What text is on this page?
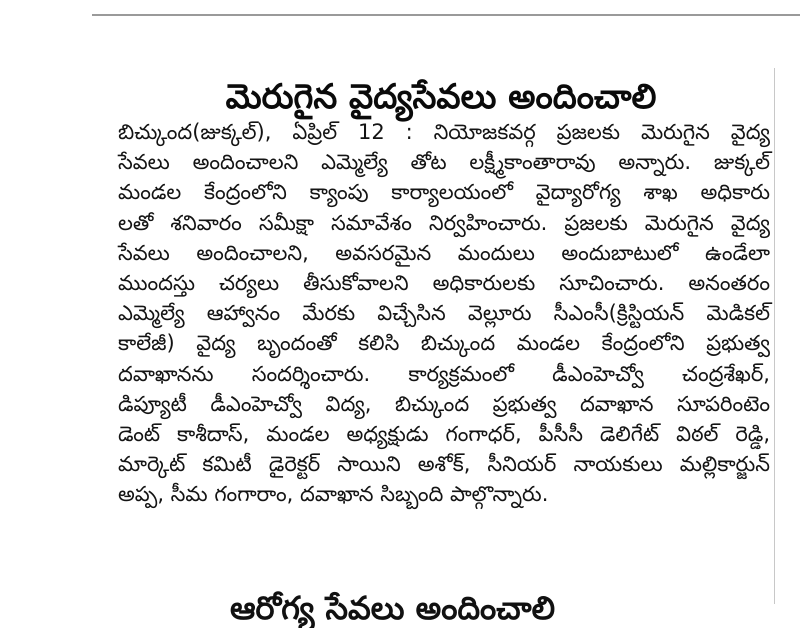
మెరుగైన వైద్యసేవలు అందించాలి
బిచ్కుంద(జుక్కల్), ఏప్రిల్ 12 : నియోజకవర్గ ప్రజలకు మెరుగైన వైద్య
సేవలు అందించాలని ఎమ్మెల్యే తోట లక్ష్మీకాంతారావు అన్నారు. జుక్కల్
మండల కేంద్రంలోని క్యాంపు కార్యాలయంలో వైద్యారోగ్య శాఖ అధికారు
లతో శనివారం సమీక్షా సమావేశం నిర్వహించారు. ప్రజలకు మెరుగైన వైద్య
సేవలు అందించాలని, అవసరమైన మందులు అందుబాటులో ఉండేలా
ముందస్తు చర్యలు తీసుకోవాలని అధికారులకు సూచించారు. అనంతరం
ఎమ్మెల్యే ఆహ్వానం మేరకు విచ్చేసిన వెల్లూరు సీఎంసీ(క్రిస్టియన్ మెడికల్
కాలేజీ) వైద్య బృందంతో కలిసి బిచ్కుంద మండల కేంద్రంలోని ప్రభుత్వ
దవాఖానను సందర్శించారు. కార్యక్రమంలో డీఎంహెచ్వో చంద్రశేఖర్,
డిప్యూటీ డీఎంహెచ్వో విద్య, బిచ్కుంద ప్రభుత్వ దవాఖాన సూపరింటెం
డెంట్ కాశీదాస్, మండల అధ్యక్షుడు గంగాధర్, పీసీసీ డెలిగేట్ విఠల్ రెడ్డి,
మార్కెట్ కమిటీ డైరెక్టర్ సాయిని అశోక్, సీనియర్ నాయకులు మల్లికార్జున్
అప్ప, సీమ గంగారాం, దవాఖాన సిబ్బంది పాల్గొన్నారు.
ఆరోగ్య సేవలు అందించాలి
